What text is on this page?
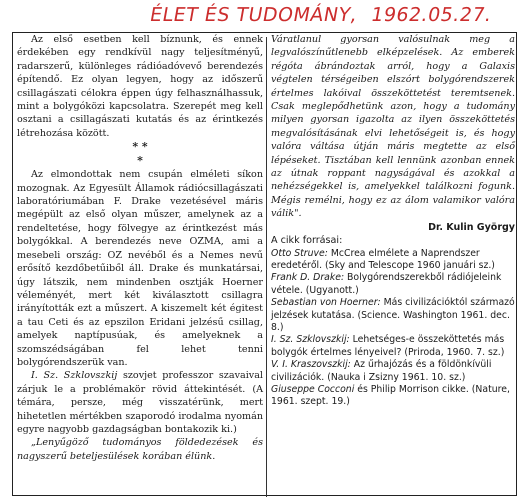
ÉLET ÉS TUDOMÁNY, 1962.05.27.

Az első esetben kell bíznunk, és ennek érdekében egy rendkívül nagy teljesítményű, radarszerű, különleges rádióadóvevő berendezés építendő. Ez olyan legyen, hogy az időszerű csillagászati célokra éppen úgy felhasználhassuk, mint a bolygóközi kapcsolatra. Szerepét meg kell osztani a csillagászati kutatás és az érintkezés létrehozása között.

* *
*

Az elmondottak nem csupán elméleti síkon mozognak. Az Egyesült Államok rádiócsillagászati laboratóriumában F. Drake vezetésével máris megépült az első olyan műszer, amelynek az a rendeltetése, hogy fölvegye az érintkezést más bolygókkal. A berendezés neve OZMA, ami a mesebeli ország: OZ nevéből és a Nemes nevű erősítő kezdőbetűiből áll. Drake és munkatársai, úgy látszik, nem mindenben osztják Hoerner véleményét, mert két kiválasztott csillagra irányították ezt a műszert. A kiszemelt két égitest a tau Ceti és az epszilon Eridani jelzésű csillag, amelyek naptípusúak, és amelyeknek a szomszédságában fel lehet tenni bolygórendszerük van.

I. Sz. Szklovszkij szovjet professzor szavaival zárjuk le a problémakör rövid áttekintését. (A témára, persze, még visszatérünk, mert hihetetlen mértékben szaporodó irodalma nyomán egyre nagyobb gazdagságban bontakozik ki.)

„Lenyűgöző tudományos földedezések és nagyszerű beteljesülések korában élünk.

Váratlanul gyorsan valósulnak meg a legvalószínűtlenebb elképzelések. Az emberek régóta ábrándoztak arról, hogy a Galaxis végtelen térségeiben elszórt bolygórendszerek értelmes lakóival összeköttetést teremtsenek. Csak meglepődhetünk azon, hogy a tudomány milyen gyorsan igazolta az ilyen összeköttetés megvalósításának elvi lehetőségeit is, és hogy valóra váltása útján máris megtette az első lépéseket. Tisztában kell lennünk azonban ennek az útnak roppant nagyságával és azokkal a nehézségekkel is, amelyekkel találkozni fogunk. Mégis remélni, hogy ez az álom valamikor valóra válik".

Dr. Kulin György

A cikk forrásai:

Otto Struve: McCrea elmélete a Naprendszer eredetéről. (Sky and Telescope 1960 januári sz.)

Frank D. Drake: Bolygórendszerekből rádiójeleink vétele. (Ugyanott.)

Sebastian von Hoerner: Más civilizációktól származó jelzések kutatása. (Science. Washington 1961. dec. 8.)

I. Sz. Szklovszkij: Lehetséges-e összeköttetés más bolygók értelmes lényeivel? (Priroda, 1960. 7. sz.)

V. I. Kraszovszkij: Az űrhajózás és a földönkívüli civilizációk. (Nauka i Zsizny 1961. 10. sz.)

Giuseppe Cocconi és Philip Morrison cikke. (Nature, 1961. szept. 19.)
